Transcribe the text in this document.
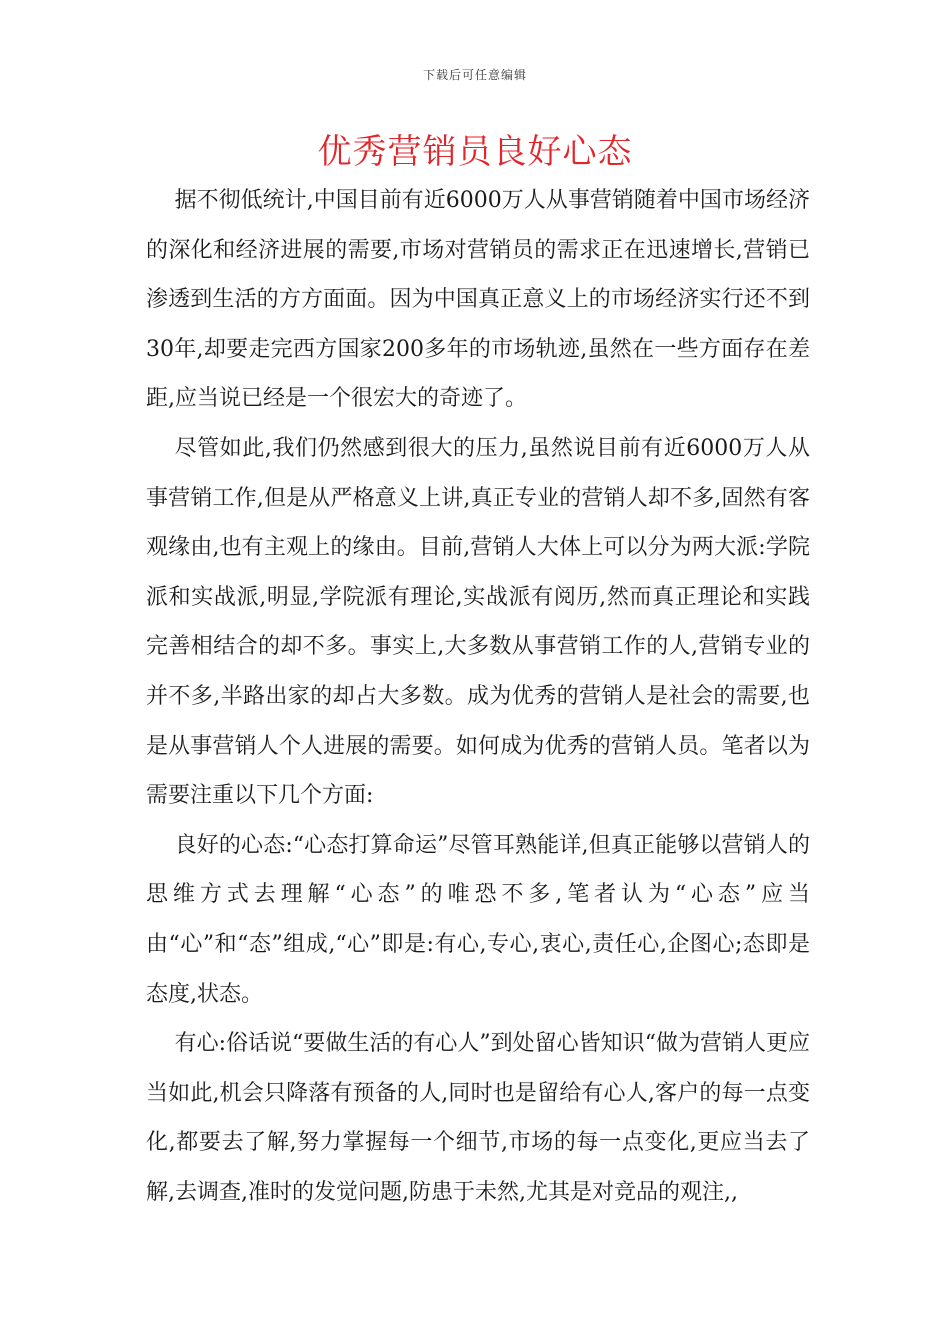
下载后可任意编辑
优秀营销员良好心态

据不彻低统计,中国目前有近6000万人从事营销随着中国市场经济的深化和经济进展的需要,市场对营销员的需求正在迅速增长,营销已渗透到生活的方方面面。因为中国真正意义上的市场经济实行还不到30年,却要走完西方国家200多年的市场轨迹,虽然在一些方面存在差距,应当说已经是一个很宏大的奇迹了。

尽管如此,我们仍然感到很大的压力,虽然说目前有近6000万人从事营销工作,但是从严格意义上讲,真正专业的营销人却不多,固然有客观缘由,也有主观上的缘由。目前,营销人大体上可以分为两大派:学院派和实战派,明显,学院派有理论,实战派有阅历,然而真正理论和实践完善相结合的却不多。事实上,大多数从事营销工作的人,营销专业的并不多,半路出家的却占大多数。成为优秀的营销人是社会的需要,也是从事营销人个人进展的需要。如何成为优秀的营销人员。笔者以为需要注重以下几个方面:

良好的心态:“心态打算命运”尽管耳熟能详,但真正能够以营销人的思维方式去理解“心态”的唯恐不多,笔者认为“心态”应当由“心”和“态”组成,“心”即是:有心,专心,衷心,责任心,企图心;态即是态度,状态。

有心:俗话说“要做生活的有心人”到处留心皆知识“做为营销人更应当如此,机会只降落有预备的人,同时也是留给有心人,客户的每一点变化,都要去了解,努力掌握每一个细节,市场的每一点变化,更应当去了解,去调查,准时的发觉问题,防患于未然,尤其是对竞品的观注,,
